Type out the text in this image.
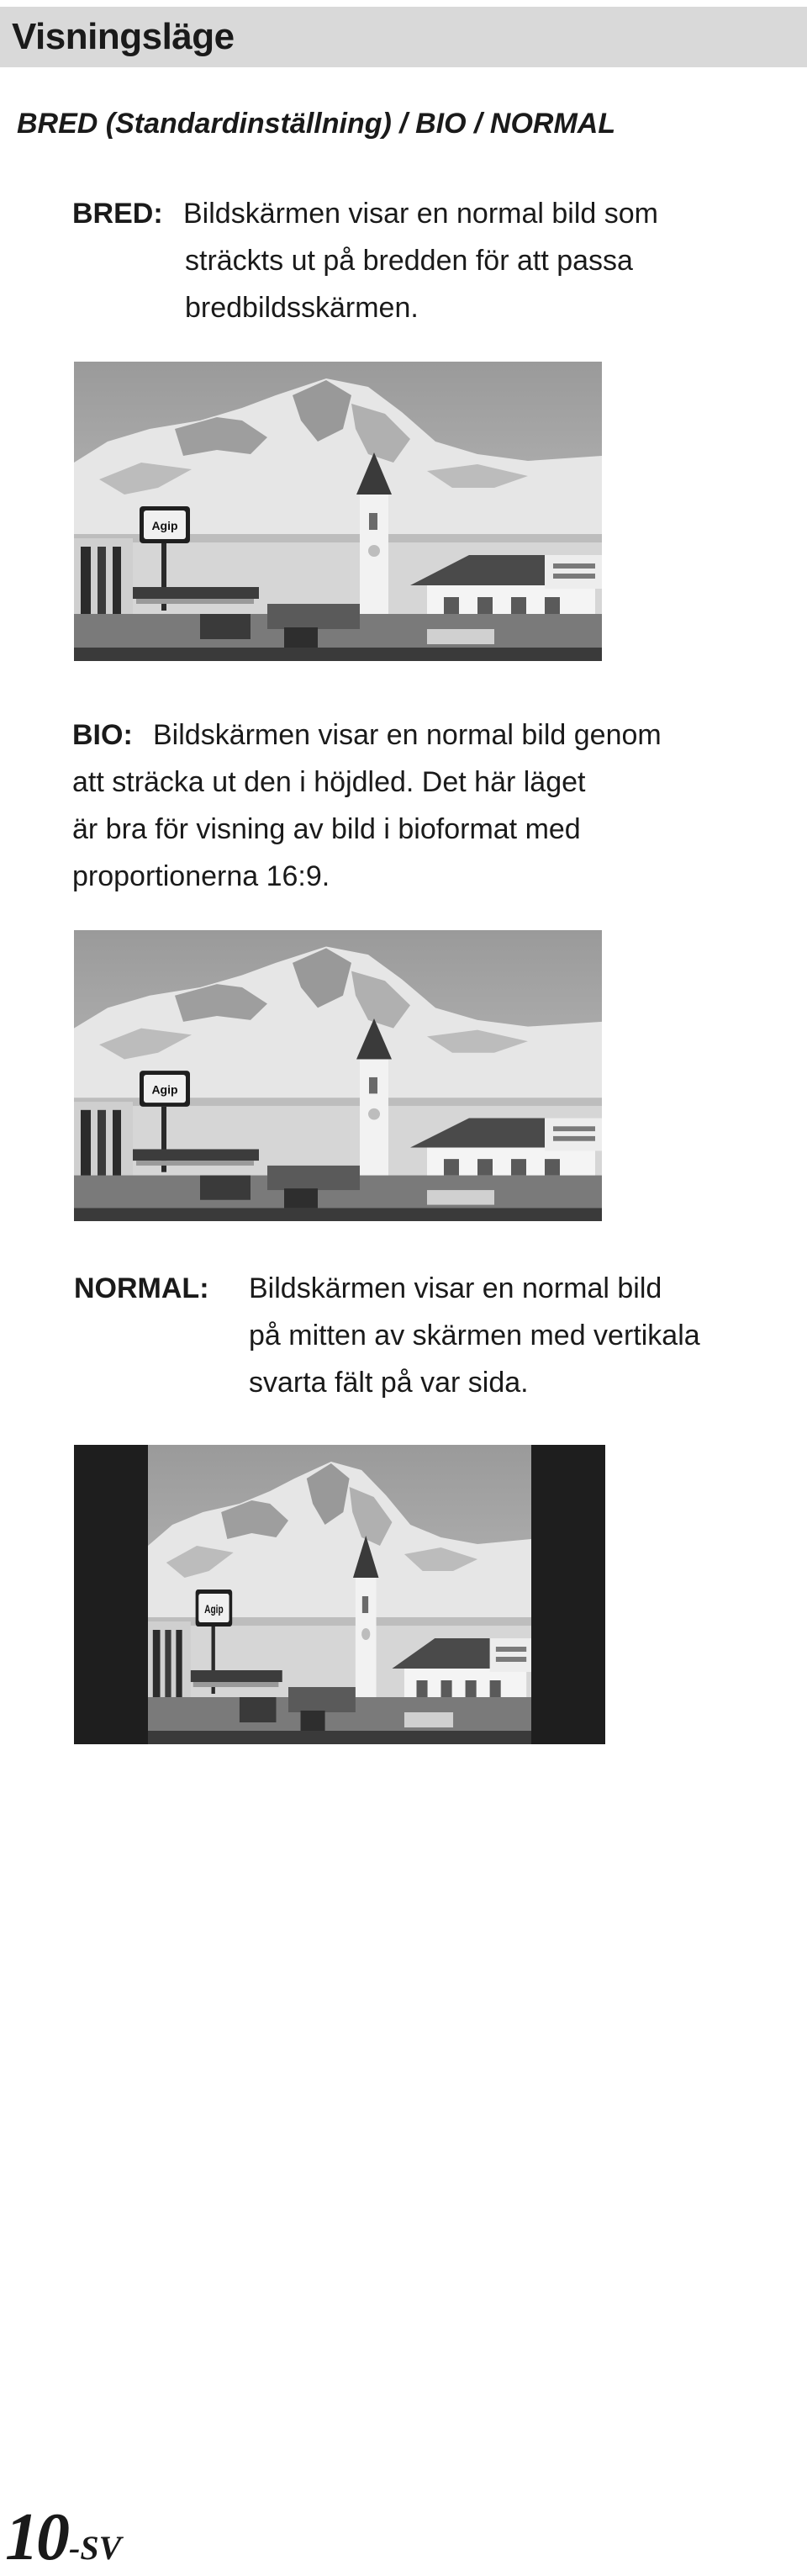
Visningsläge
BRED (Standardinställning) / BIO / NORMAL
BRED: Bildskärmen visar en normal bild som
sträckts ut på bredden för att passa
bredbildsskärmen.
Agip
BIO: Bildskärmen visar en normal bild genom
att sträcka ut den i höjdled. Det här läget
är bra för visning av bild i bioformat med
proportionerna 16:9.
Agip
NORMAL: Bildskärmen visar en normal bild
på mitten av skärmen med vertikala
svarta fält på var sida.
Agip
10-SV
